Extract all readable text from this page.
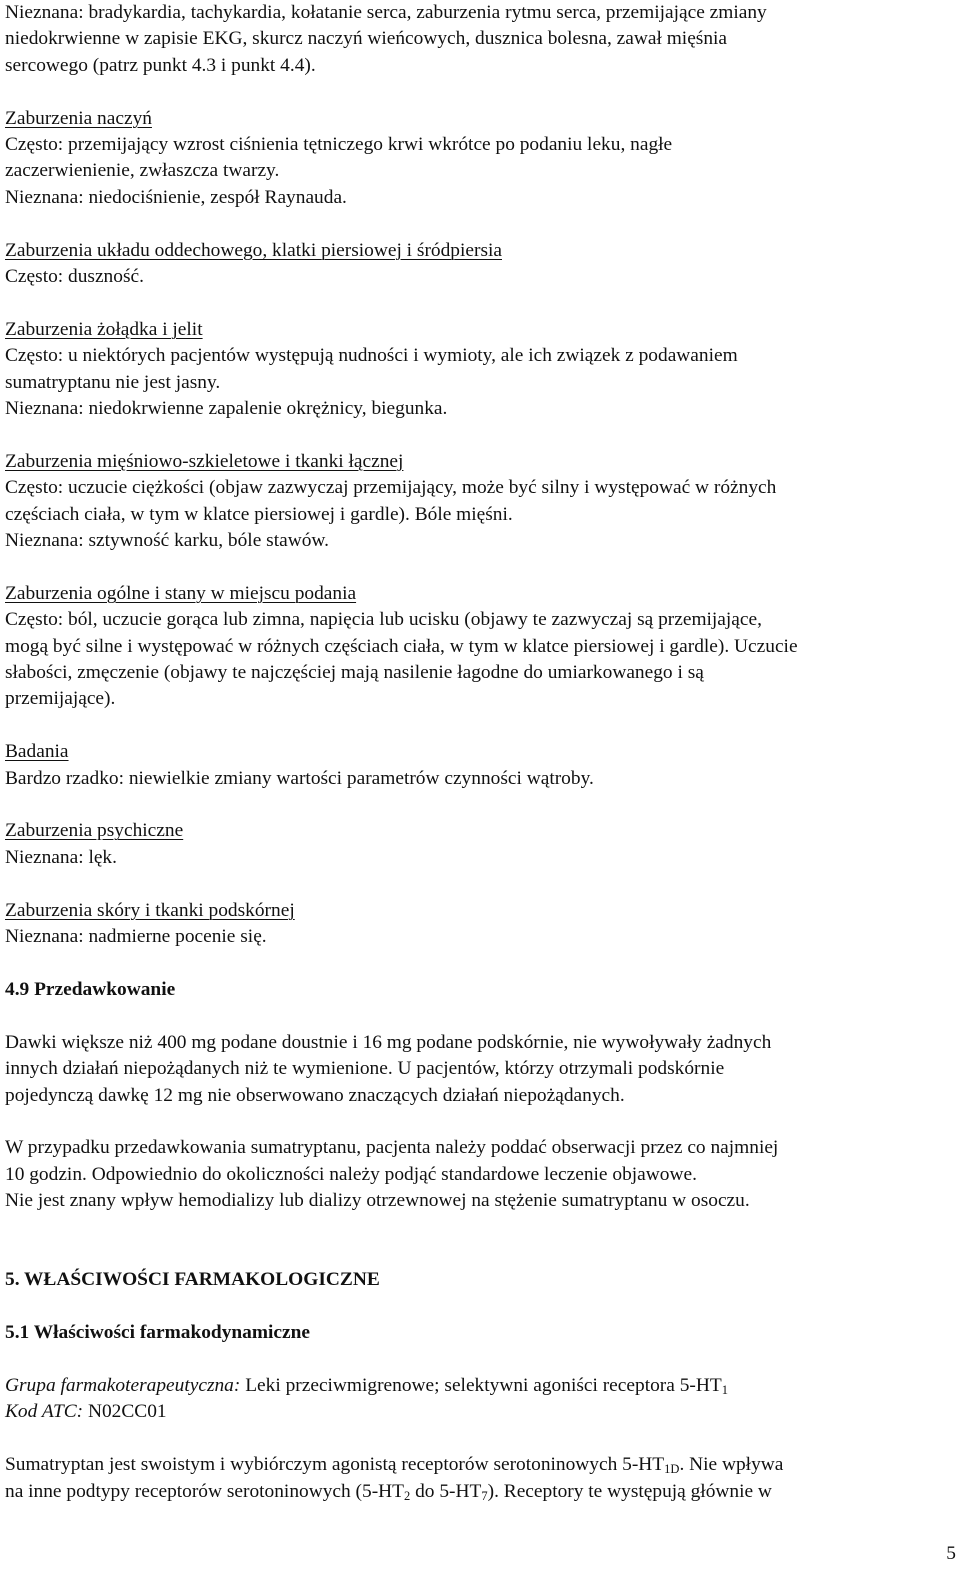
Nieznana: bradykardia, tachykardia, kołatanie serca, zaburzenia rytmu serca, przemijające zmiany

niedokrwienne w zapisie EKG, skurcz naczyń wieńcowych, dusznica bolesna, zawał mięśnia

sercowego (patrz punkt 4.3 i punkt 4.4).

Zaburzenia naczyń

Często: przemijający wzrost ciśnienia tętniczego krwi wkrótce po podaniu leku, nagłe

zaczerwienienie, zwłaszcza twarzy.

Nieznana: niedociśnienie, zespół Raynauda.

Zaburzenia układu oddechowego, klatki piersiowej i śródpiersia

Często: duszność.

Zaburzenia żołądka i jelit

Często: u niektórych pacjentów występują nudności i wymioty, ale ich związek z podawaniem

sumatryptanu nie jest jasny.

Nieznana: niedokrwienne zapalenie okrężnicy, biegunka.

Zaburzenia mięśniowo-szkieletowe i tkanki łącznej

Często: uczucie ciężkości (objaw zazwyczaj przemijający, może być silny i występować w różnych

częściach ciała, w tym w klatce piersiowej i gardle). Bóle mięśni.

Nieznana: sztywność karku, bóle stawów.

Zaburzenia ogólne i stany w miejscu podania

Często: ból, uczucie gorąca lub zimna, napięcia lub ucisku (objawy te zazwyczaj są przemijające,

mogą być silne i występować w różnych częściach ciała, w tym w klatce piersiowej i gardle). Uczucie

słabości, zmęczenie (objawy te najczęściej mają nasilenie łagodne do umiarkowanego i są

przemijające).

Badania

Bardzo rzadko: niewielkie zmiany wartości parametrów czynności wątroby.

Zaburzenia psychiczne

Nieznana: lęk.

Zaburzenia skóry i tkanki podskórnej

Nieznana: nadmierne pocenie się.

4.9 Przedawkowanie

Dawki większe niż 400 mg podane doustnie i 16 mg podane podskórnie, nie wywoływały żadnych

innych działań niepożądanych niż te wymienione. U pacjentów, którzy otrzymali podskórnie

pojedynczą dawkę 12 mg nie obserwowano znaczących działań niepożądanych.

W przypadku przedawkowania sumatryptanu, pacjenta należy poddać obserwacji przez co najmniej

10 godzin. Odpowiednio do okoliczności należy podjąć standardowe leczenie objawowe.

Nie jest znany wpływ hemodializy lub dializy otrzewnowej na stężenie sumatryptanu w osoczu.

5. WŁAŚCIWOŚCI FARMAKOLOGICZNE

5.1 Właściwości farmakodynamiczne

Grupa farmakoterapeutyczna: Leki przeciwmigrenowe; selektywni agoniści receptora $5-HT_1$

Kod ATC: N02CC01

Sumatryptan jest swoistym i wybiórczym agonistą receptorów serotoninowych $5-HT_{1D}$. Nie wpływa

na inne podtypy receptorów serotoninowych ($5-HT_2$ do $5-HT_7$). Receptory te występują głównie w

5
